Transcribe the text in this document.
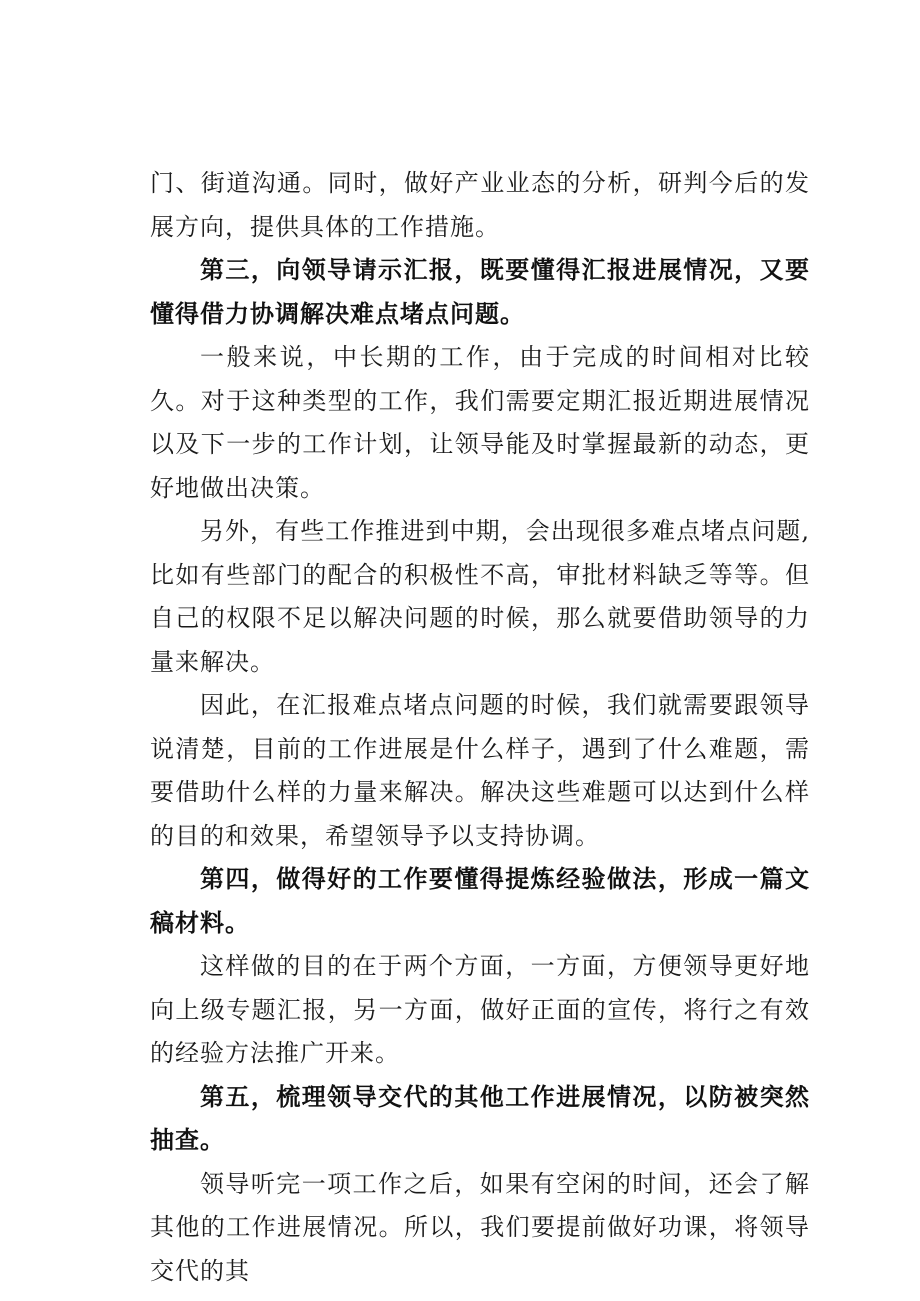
门、街道沟通。同时，做好产业业态的分析，研判今后的发展方向，提供具体的工作措施。

第三，向领导请示汇报，既要懂得汇报进展情况，又要懂得借力协调解决难点堵点问题。

一般来说，中长期的工作，由于完成的时间相对比较久。对于这种类型的工作，我们需要定期汇报近期进展情况以及下一步的工作计划，让领导能及时掌握最新的动态，更好地做出决策。

另外，有些工作推进到中期，会出现很多难点堵点问题,比如有些部门的配合的积极性不高，审批材料缺乏等等。但自己的权限不足以解决问题的时候，那么就要借助领导的力量来解决。

因此，在汇报难点堵点问题的时候，我们就需要跟领导说清楚，目前的工作进展是什么样子，遇到了什么难题，需要借助什么样的力量来解决。解决这些难题可以达到什么样的目的和效果，希望领导予以支持协调。

第四，做得好的工作要懂得提炼经验做法，形成一篇文稿材料。

这样做的目的在于两个方面，一方面，方便领导更好地向上级专题汇报，另一方面，做好正面的宣传，将行之有效的经验方法推广开来。

第五，梳理领导交代的其他工作进展情况，以防被突然抽查。

领导听完一项工作之后，如果有空闲的时间，还会了解其他的工作进展情况。所以，我们要提前做好功课，将领导交代的其
